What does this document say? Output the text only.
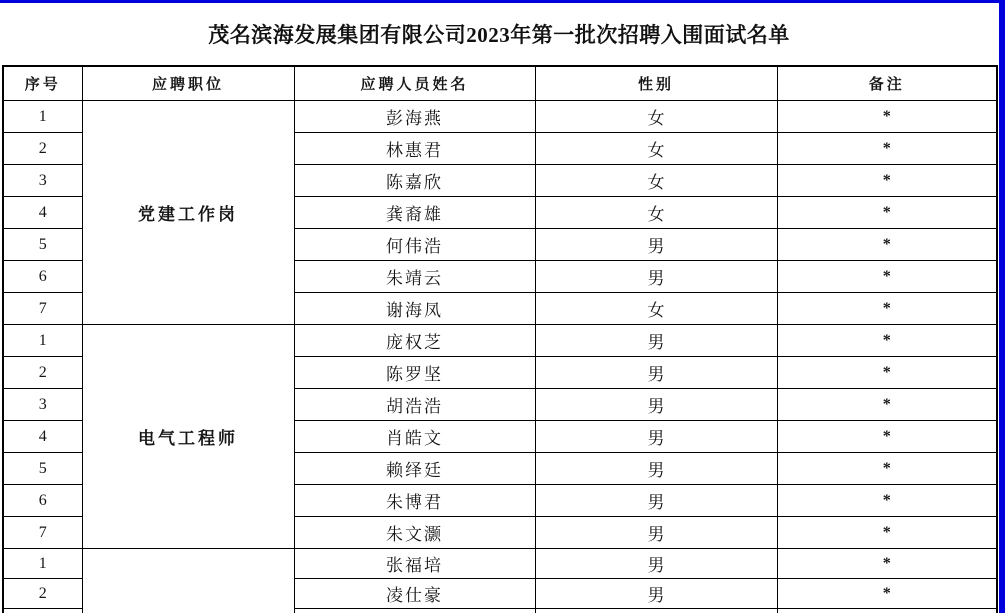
茂名滨海发展集团有限公司2023年第一批次招聘入围面试名单
序号	应聘职位	应聘人员姓名	性别	备注
1	党建工作岗	彭海燕	女	*
2		林惠君	女	*
3		陈嘉欣	女	*
4		龚裔雄	女	*
5		何伟浩	男	*
6		朱靖云	男	*
7		谢海凤	女	*
1	电气工程师	庞权芝	男	*
2		陈罗坚	男	*
3		胡浩浩	男	*
4		肖皓文	男	*
5		赖绎廷	男	*
6		朱博君	男	*
7		朱文灏	男	*
1		张福培	男	*
2		凌仕豪	男	*
